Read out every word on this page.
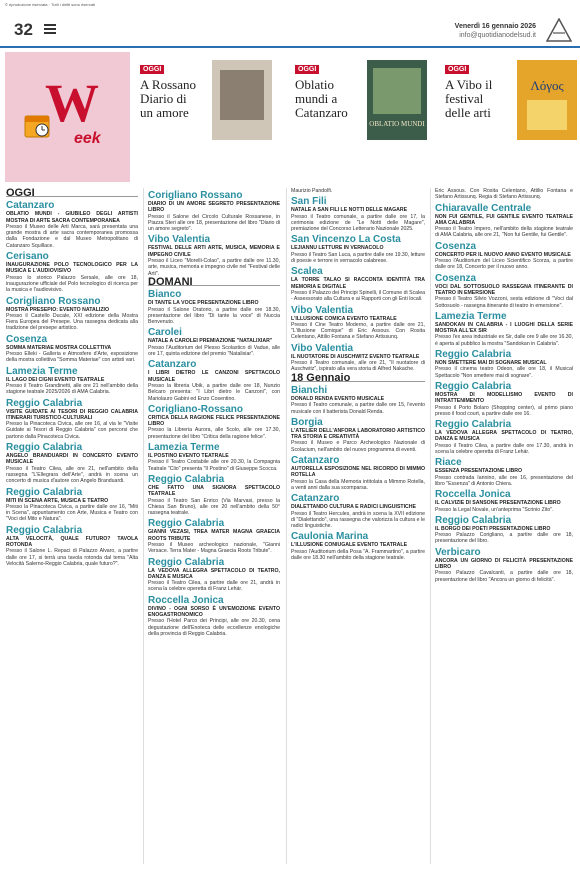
© riproduzione riservata · Tutti i diritti sono riservati
32	Venerdì 16 gennaio 2026
info@quotidianodelsud.it
W
eek
OGGI
A Rossano Diario di un amore
OGGI
Oblatio mundi a Catanzaro
OBLATIO MUNDI
OGGI
A Vibo il festival delle arti
Λόγος
OGGI
Catanzaro
OBLATIO MUNDI - GIUBILEO DEGLI ARTISTI MOSTRA DI ARTE SACRA CONTEMPORANEA

Presso il Museo delle Arti Marca, sarà presentata una grande mostra di arte sacra contemporanea promossa dalla Fondazione e dal Museo Metropolitano di Catanzaro Squillace.

Cerisano
INAUGURAZIONE POLO TECNOLOGICO PER LA MUSICA E L'AUDIOVISIVO

Presso lo storico Palazzo Sersale, alle ore 18, inaugurazione ufficiale del Polo tecnologico di ricerca per la musica e l'audiovisivo.

Corigliano Rossano
MOSTRA PRESEPIO: EVENTO NATALIZIO

Presso il Castello Ducale, XXI edizione della Mostra Fiera Europea del Presepe. Una rassegna dedicata alla tradizione del presepe artistico.

Cosenza
SOMMA MATERIAE MOSTRA COLLETTIVA

Presso Elleki - Galleria e Atmosfere d'Arte, esposizione della mostra collettiva "Somma Materiae" con artisti vari.

Lamezia Terme
IL LAGO DEI CIGNI EVENTO TEATRALE

Presso il Teatro Grandinetti, alle ore 21 nell'ambito della stagione teatrale 2025/2026 di AMA Calabria.

Reggio Calabria
VISITE GUIDATE AI TESORI DI REGGIO CALABRIA ITINERARI TURISTICO-CULTURALI

Presso la Pinacoteca Civica, alle ore 16, al via le "Visite Guidate ai Tesori di Reggio Calabria" con percorsi che partono dalla Pinacoteca Civica.

Reggio Calabria
ANGELO BRANDUARDI IN CONCERTO EVENTO MUSICALE

Presso il Teatro Cilea, alle ore 21, nell'ambito della rassegna "L'Ellegrara dell'Arte", andrà in scena un concerto di musica d'autore con Angelo Branduardi.

Reggio Calabria
MITI IN SCENA ARTE, MUSICA E TEATRO

Presso la Pinacoteca Civica, a partire dalle ore 16, "Miti in Scena", appuntamento con Arte, Musica e Teatro con "Voci del Mito e Natura".

Reggio Calabria
ALTA VELOCITÀ, QUALE FUTURO? TAVOLA ROTONDA

Presso il Salone L. Repaci di Palazzo Alvaro, a partire dalle ore 17, si terrà una tavola rotonda dal tema "Alta Velocità Salerno-Reggio Calabria, quale futuro?".

Corigliano Rossano
DIARIO DI UN AMORE SEGRETO PRESENTAZIONE LIBRO

Presso il Salone del Circolo Culturale Rossanese, in Piazza Steri alle ore 18, presentazione del libro "Diario di un amore segreto".

Vibo Valentia
FESTIVAL DELLE ARTI ARTE, MUSICA, MEMORIA E IMPEGNO CIVILE

Presso il Liceo "Morelli-Colao", a partire dalle ore 11.30, arte, musica, memoria e impegno civile nel "Festival delle Arti".

DOMANI
Bianco
DI TANTE LA VOCE PRESENTAZIONE LIBRO

Presso il Salone Oratorio, a partire dalle ore 18.30, presentazione del libro "Di tante la voce" di Nuccia Benvenuto.

Carolei
NATALE A CAROLEI PREMIAZIONE "NATALIXIAR"

Presso l'Auditorium del Plesso Scolastico di Vadue, alle ore 17, quinta edizione del premio "Natalixiar".

Catanzaro
I LIBRI DIETRO LE CANZONI SPETTACOLO MUSICALE

Presso la libreria Ubik, a partire dalle ore 18, Nunzio Belcaro presenta: "I Libri dietro le Canzoni", con Mariolauro Gabini ed Enzo Cosentino.

Corigliano-Rossano
CRITICA DELLA RAGIONE FELICE PRESENTAZIONE LIBRO

Presso la Libreria Aurora, alle 5colo, alle ore 17.30, presentazione del libro "Critica della ragione felice".

Lamezia Terme
IL POSTINO EVENTO TEATRALE

Presso il Teatro Costabile alle ore 20.30, la Compagnia Teatrale "Clio" presenta "Il Postino" di Giuseppe Scocca.

Reggio Calabria
CHE FATTO UNA SIGNORA SPETTACOLO TEATRALE

Presso il Teatro San Enrico (Via Marvasi, presso la Chiesa San Bruno), alle ore 20 nell'ambito della 50° rassegna teatrale.

Reggio Calabria
GIANNI VEZASI, TREA MATER MAGNA GRAECIA ROOTS TRIBUTE

Presso il Museo archeologico nazionale, "Gianni Versace. Terra Mater - Magna Graecia Roots Tribute".

Reggio Calabria
LA VEDOVA ALLEGRA SPETTACOLO DI TEATRO, DANZA E MUSICA

Presso il Teatro Cilea, a partire dalle ore 21, andrà in scena la celebre operetta di Franz Lehár.

Roccella Jonica
DIVINO - OGNI SORSO È UN'EMOZIONE EVENTO ENOGASTRONOMICO

Presso l'Hotel Parco dei Principi, alle ore 20.30, cena degustazione dell'Enoteca delle eccellenze enologiche della provincia di Reggio Calabria.

Maurizio Pandolfi.

San Fili
NATALE A SAN FILI LE NOTTI DELLE MAGARE

Presso il Teatro comunale, a partire dalle ore 17, la cerimonia edizione de "Le Notti delle Magare", premiazione del Concorso Letterario Nazionale 2025.

San Vincenzo La Costa
LEJIANNU LETTURE IN VERNACOLO

Presso il Teatro San Luca, a partire dalle ore 19.30, letture di poesie e terrore in vernacolo calabrese.

Scalea
LA TORRE TALAO SI RACCONTA IDENTITÀ TRA MEMORIA E DIGITALE

Presso il Palazzo dei Principi Spinelli, il Comune di Scalea - Assessorato alla Cultura e ai Rapporti con gli Enti locali.

Vibo Valentia
L'ILLUSIONE COMICA EVENTO TEATRALE

Presso il Cine Teatro Moderno, a partire dalle ore 21, "L'illusione Comique" di Eric Assous. Con Rosita Celentano, Attilio Fontana e Stefano Artissunq.

Vibo Valentia
IL NUOTATORE DI AUSCHWITZ EVENTO TEATRALE

Presso il Teatro comunale, alle ore 21, "Il nuotatore di Auschwitz", ispirato alla vera storia di Alfred Nakache.

18 Gennaio
Bianchi
DONALD RENDA EVENTO MUSICALE

Presso il Teatro comunale, a partire dalle ore 15, l'evento musicale con il batterista Donald Renda.

Borgia
L'ATELIER DELL'ANFORA LABORATORIO ARTISTICO TRA STORIA E CREATIVITÀ

Presso il Museo e Parco Archeologico Nazionale di Scolacium, nell'ambito del nuovo programma di eventi.

Catanzaro
AUTORELLA ESPOSIZIONE NEL RICORDO DI MIMMO ROTELLA

Presso la Casa della Memoria intitolata a Mimmo Rotella, a venti anni dalla sua scomparsa.

Catanzaro
DIALETTANDO CULTURA E RADICI LINGUISTICHE

Presso il Teatro Hercules, andrà in scena la XVII edizione di "Dialettando", una rassegna che valorizza la cultura e le radici linguistiche.

Caulonia Marina
L'ILLUSIONE CONIUGALE EVENTO TEATRALE

Presso l'Auditorium della Posa "A. Frammartino", a partire dalle ore 18.30 nell'ambito della stagione teatrale.

Eric Assous. Con Rosita Celentano, Attilio Fontana e Stefano Artissunq. Regia di Stefano Artissunq.

Chiaravalle Centrale
NON FUI GENTILE, FUI GENTILE EVENTO TEATRALE AMA CALABRIA

Presso il Teatro Impero, nell'ambito della stagione teatrale di AMA Calabria, alle ore 21, "Non fui Gentile, fui Gentile".

Cosenza
CONCERTO PER IL NUOVO ANNO EVENTO MUSICALE

Presso l'Auditorium del Liceo Scientifico Scorza, a partire dalle ore 18, Concerto per il nuovo anno.

Cosenza
VOCI DAL SOTTOSUOLO RASSEGNA ITINERANTE DI TEATRO IN EMERSIONE

Presso il Teatro Silvio Vozzoni, sesta edizione di "Voci dal Sottosuolo - rassegna itinerante di teatro in emersione".

Lamezia Terme
SANDOKAN IN CALABRIA - I LUOGHI DELLA SERIE MOSTRA ALL'EX SIR

Presso l'ex area industriale ex Sir, dalle ore 9 alle ore 16.30, è aperta al pubblico la mostra "Sandokan in Calabria".

Reggio Calabria
NON SMETTERE MAI DI SOGNARE MUSICAL

Presso il cinema teatro Odeon, alle ore 18, il Musical Spettacolo "Non smettere mai di sognare".

Reggio Calabria
MOSTRA DI MODELLISMO EVENTO DI INTRATTENIMENTO

Presso il Porto Bolaro (Shopping center), al primo piano presso il food court, a partire dalle ore 16.

Reggio Calabria
LA VEDOVA ALLEGRA SPETTACOLO DI TEATRO, DANZA E MUSICA

Presso il Teatro Cilea, a partire dalle ore 17.30, andrà in scena la celebre operetta di Franz Lehár.

Riace
ESSENZA PRESENTAZIONE LIBRO

Presso contrada Iannino, alle ore 16, presentazione del libro "Essenza" di Antonio Chiera.

Roccella Jonica
IL CALVIZIE DI SANSONE PRESENTAZIONE LIBRO

Presso la Legal Novale, un'anteprima "Scrinio Zito".

Reggio Calabria
IL BORGO DEI POETI PRESENTAZIONE LIBRO

Presso Palazzo Corigliano, a partire dalle ore 18, presentazione del libro.

Verbicaro
ANCORA UN GIORNO DI FELICITÀ PRESENTAZIONE LIBRO

Presso Palazzo Cavalcanti, a partire dalle ore 18, presentazione del libro "Ancora un giorno di felicità".
